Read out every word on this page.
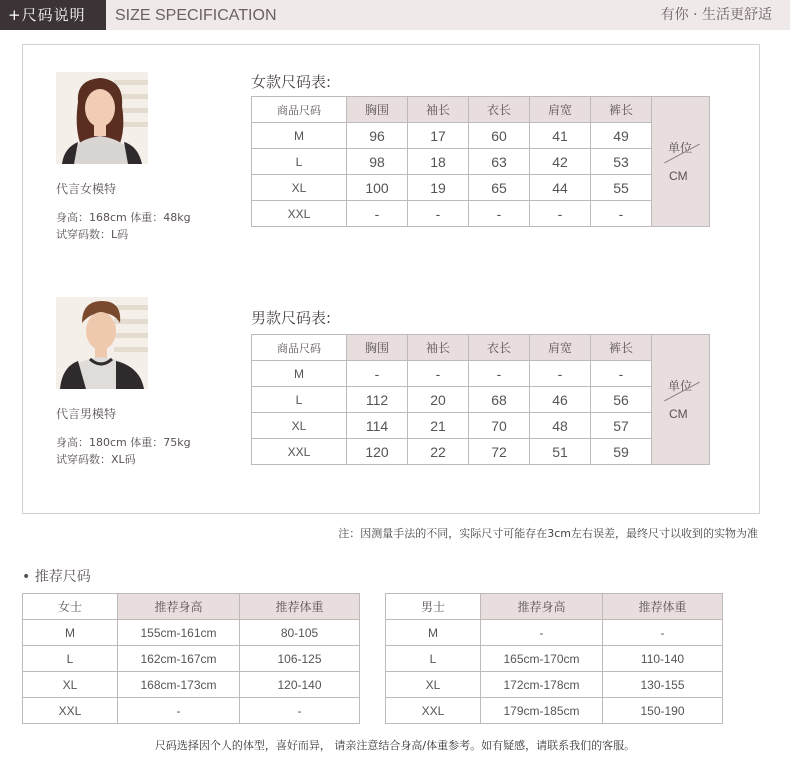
+尺码说明	SIZE SPECIFICATION	有你 · 生活更舒适
代言女模特
身高：168cm 体重：48kg
试穿码数：L码
女款尺码表:
商品尺码	胸围	袖长	衣长	肩宽	裤长	单位
CM

M	96	17	60	41	49	
L	98	18	63	42	53	
XL	100	19	65	44	55	
XXL	-	-	-	-	-	
代言男模特
身高：180cm 体重：75kg
试穿码数：XL码
男款尺码表:
商品尺码	胸围	袖长	衣长	肩宽	裤长	单位
CM

M	-	-	-	-	-	
L	112	20	68	46	56	
XL	114	21	70	48	57	
XXL	120	22	72	51	59	
注：因测量手法的不同，实际尺寸可能存在3cm左右误差，最终尺寸以收到的实物为准
• 推荐尺码
女士	推荐身高	推荐体重
M	155cm-161cm	80-105
L	162cm-167cm	106-125
XL	168cm-173cm	120-140
XXL	-	-
男士	推荐身高	推荐体重
M	-	-
L	165cm-170cm	110-140
XL	172cm-178cm	130-155
XXL	179cm-185cm	150-190
尺码选择因个人的体型，喜好而异， 请亲注意结合身高/体重参考。如有疑感，请联系我们的客服。
